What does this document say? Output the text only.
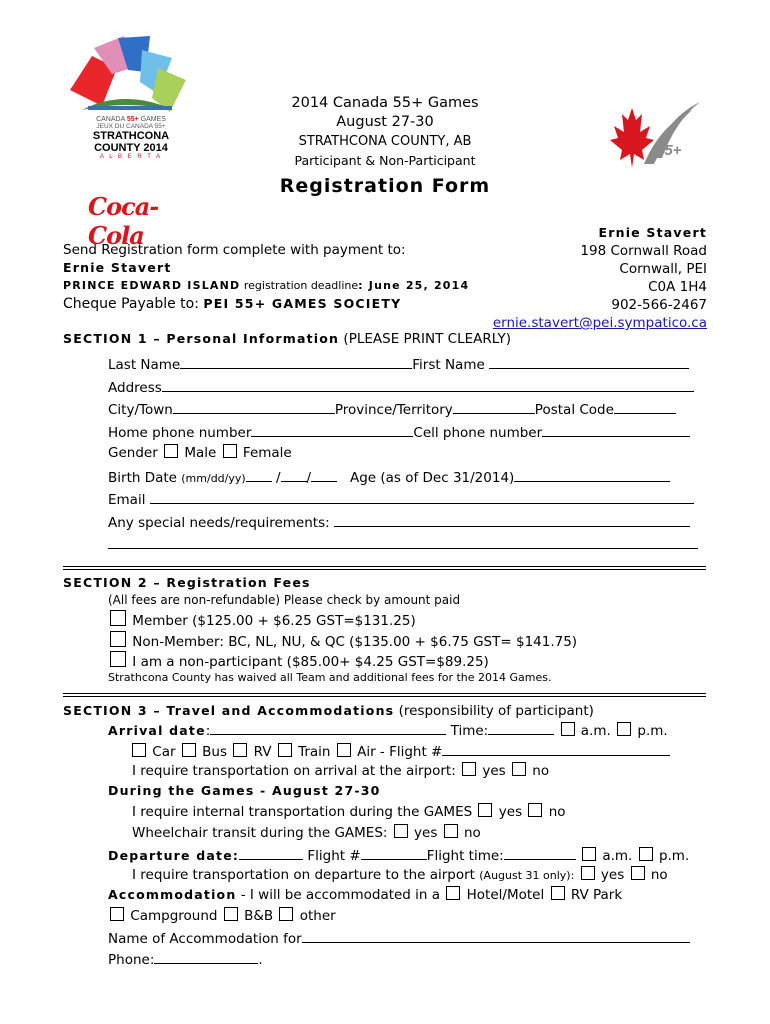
CANADA 55+ GAMES
JEUX DU CANADA 55+
STRATHCONA
COUNTY 2014
A L B E R T A
Coca-Cola
55+
2014 Canada 55+ Games
August 27-30
STRATHCONA COUNTY, AB
Participant & Non-Participant
Registration Form
Ernie Stavert
198 Cornwall Road
Cornwall, PEI
C0A 1H4
902-566-2467
ernie.stavert@pei.sympatico.ca
Send Registration form complete with payment to:
Ernie Stavert
PRINCE EDWARD ISLAND registration deadline: June 25, 2014
Cheque Payable to: PEI 55+ GAMES SOCIETY
SECTION 1 – Personal Information (PLEASE PRINT CLEARLY)
Last Name	First Name
Address
City/Town	Province/Territory	Postal Code
Home phone number	Cell phone number
Gender Male Female
Birth Date (mm/dd/yy) / /	Age (as of Dec 31/2014)
Email
Any special needs/requirements:
SECTION 2 – Registration Fees
(All fees are non-refundable) Please check by amount paid
Member ($125.00 + $6.25 GST=$131.25)
Non-Member: BC, NL, NU, & QC ($135.00 + $6.75 GST= $141.75)
I am a non-participant ($85.00+ $4.25 GST=$89.25)
Strathcona County has waived all Team and additional fees for the 2014 Games.
SECTION 3 – Travel and Accommodations (responsibility of participant)
Arrival date:	Time:	a.m. p.m.
Car Bus RV Train Air - Flight #
I require transportation on arrival at the airport: yes no
During the Games - August 27-30
I require internal transportation during the GAMES yes no
Wheelchair transit during the GAMES: yes no
Departure date:	Flight #	Flight time:	a.m. p.m.
I require transportation on departure to the airport (August 31 only): yes no
Accommodation - I will be accommodated in a Hotel/Motel RV Park
Campground B&B other
Name of Accommodation for
Phone:	.
